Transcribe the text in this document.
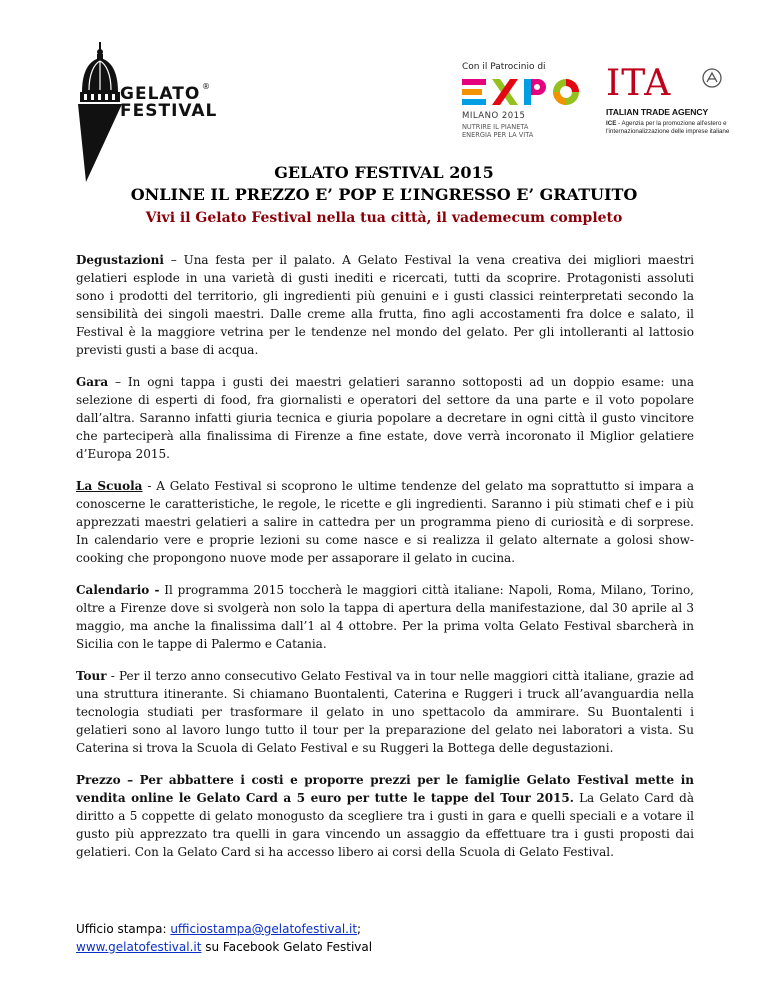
GELATO
FESTIVAL
®
Con il Patrocinio di
MILANO 2015
NUTRIRE IL PIANETA
ENERGIA PER LA VITA
ITA
ITALIAN TRADE AGENCY
ICE - Agenzia per la promozione all'estero e l'internazionalizzazione delle imprese italiane
GELATO FESTIVAL 2015
ONLINE IL PREZZO E’ POP E L’INGRESSO E’ GRATUITO
Vivi il Gelato Festival nella tua città, il vademecum completo

Degustazioni – Una festa per il palato. A Gelato Festival la vena creativa dei migliori maestri gelatieri esplode in una varietà di gusti inediti e ricercati, tutti da scoprire. Protagonisti assoluti sono i prodotti del territorio, gli ingredienti più genuini e i gusti classici reinterpretati secondo la sensibilità dei singoli maestri. Dalle creme alla frutta, fino agli accostamenti fra dolce e salato, il Festival è la maggiore vetrina per le tendenze nel mondo del gelato. Per gli intolleranti al lattosio previsti gusti a base di acqua.

Gara – In ogni tappa i gusti dei maestri gelatieri saranno sottoposti ad un doppio esame: una selezione di esperti di food, fra giornalisti e operatori del settore da una parte e il voto popolare dall’altra. Saranno infatti giuria tecnica e giuria popolare a decretare in ogni città il gusto vincitore che parteciperà alla finalissima di Firenze a fine estate, dove verrà incoronato il Miglior gelatiere d’Europa 2015.

La Scuola - A Gelato Festival si scoprono le ultime tendenze del gelato ma soprattutto si impara a conoscerne le caratteristiche, le regole, le ricette e gli ingredienti. Saranno i più stimati chef e i più apprezzati maestri gelatieri a salire in cattedra per un programma pieno di curiosità e di sorprese. In calendario vere e proprie lezioni su come nasce e si realizza il gelato alternate a golosi show-cooking che propongono nuove mode per assaporare il gelato in cucina.

Calendario - Il programma 2015 toccherà le maggiori città italiane: Napoli, Roma, Milano, Torino, oltre a Firenze dove si svolgerà non solo la tappa di apertura della manifestazione, dal 30 aprile al 3 maggio, ma anche la finalissima dall’1 al 4 ottobre. Per la prima volta Gelato Festival sbarcherà in Sicilia con le tappe di Palermo e Catania.

Tour - Per il terzo anno consecutivo Gelato Festival va in tour nelle maggiori città italiane, grazie ad una struttura itinerante. Si chiamano Buontalenti, Caterina e Ruggeri i truck all’avanguardia nella tecnologia studiati per trasformare il gelato in uno spettacolo da ammirare. Su Buontalenti i gelatieri sono al lavoro lungo tutto il tour per la preparazione del gelato nei laboratori a vista. Su Caterina si trova la Scuola di Gelato Festival e su Ruggeri la Bottega delle degustazioni.

Prezzo – Per abbattere i costi e proporre prezzi per le famiglie Gelato Festival mette in vendita online le Gelato Card a 5 euro per tutte le tappe del Tour 2015. La Gelato Card dà diritto a 5 coppette di gelato monogusto da scegliere tra i gusti in gara e quelli speciali e a votare il gusto più apprezzato tra quelli in gara vincendo un assaggio da effettuare tra i gusti proposti dai gelatieri. Con la Gelato Card si ha accesso libero ai corsi della Scuola di Gelato Festival.

Ufficio stampa: ufficiostampa@gelatofestival.it;
www.gelatofestival.it su Facebook Gelato Festival
